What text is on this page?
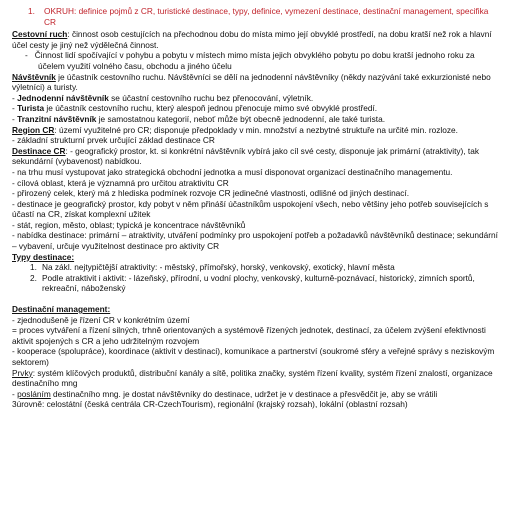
1.	OKRUH: definice pojmů z CR, turistické destinace, typy, definice, vymezení destinace, destinační management, specifika CR

Cestovní ruch: činnost osob cestujících na přechodnou dobu do místa mimo její obvyklé prostředí, na dobu kratší než rok a hlavní účel cesty je jiný než výdělečná činnost.

- Činnost lidí spočívající v pohybu a pobytu v místech mimo místa jejich obvyklého pobytu po dobu kratší jednoho roku za účelem využití volného času, obchodu a jiného účelu

Návštěvník je účastník cestovního ruchu. Návštěvníci se dělí na jednodenní návštěvníky (někdy nazývání také exkurzionisté nebo výletníci) a turisty.

- Jednodenní návštěvník se účastní cestovního ruchu bez přenocování, výletník.

- Turista je účastník cestovního ruchu, který alespoň jednou přenocuje mimo své obvyklé prostředí.

- Tranzitní návštěvník je samostatnou kategorií, neboť může být obecně jednodenní, ale také turista.

Region CR: území využitelné pro CR; disponuje předpoklady v min. množství a nezbytné struktuře na určité min. rozloze.

- základní strukturní prvek určující základ destinace CR

Destinace CR: - geografický prostor, kt. si konkrétní návštěvník vybírá jako cíl své cesty, disponuje jak primární (atraktivity), tak sekundární (vybavenost) nabídkou.

- na trhu musí vystupovat jako strategická obchodní jednotka a musí disponovat organizací destinačního managementu.

- cílová oblast, která je významná pro určitou atraktivitu CR

- přirozený celek, který má z hlediska podmínek rozvoje CR jedinečné vlastnosti, odlišné od jiných destinací.

- destinace je geografický prostor, kdy pobyt v něm přináší účastníkům uspokojení všech, nebo většiny jeho potřeb souvisejících s účastí na CR, získat komplexní užitek

- stát, region, město, oblast; typická je koncentrace návštěvníků

- nabídka destinace: primární – atraktivity, utváření podmínky pro uspokojení potřeb a požadavků návštěvníků destinace; sekundární – vybavení, určuje využitelnost destinace pro aktivity CR

Typy destinace:

1. Na zákl. nejtypičtější atraktivity: - městský, přímořský, horský, venkovský, exotický, hlavní města
2. Podle atraktivit i aktivit: - lázeňský, přírodní, u vodní plochy, venkovský, kulturně-poznávací, historický, zimních sportů, rekreační, náboženský

Destinační management:

- zjednodušeně je řízení CR v konkrétním území

= proces vytváření a řízení silných, trhně orientovaných a systémově řízených jednotek, destinací, za účelem zvýšení efektivnosti aktivit spojených s CR a jeho udržitelným rozvojem

- kooperace (spolupráce), koordinace (aktivit v destinaci), komunikace a partnerství (soukromé sféry a veřejné správy s neziskovým sektorem)

Prvky: systém klíčových produktů, distribuční kanály a sítě, politika značky, systém řízení kvality, systém řízení znalostí, organizace destinačního mng

- posláním destinačního mng. je dostat návštěvníky do destinace, udržet je v destinace a přesvědčit je, aby se vrátili

3úrovně: celostátní (česká centrála CR-CzechTourism), regionální (krajský rozsah), lokální (oblastní rozsah)
